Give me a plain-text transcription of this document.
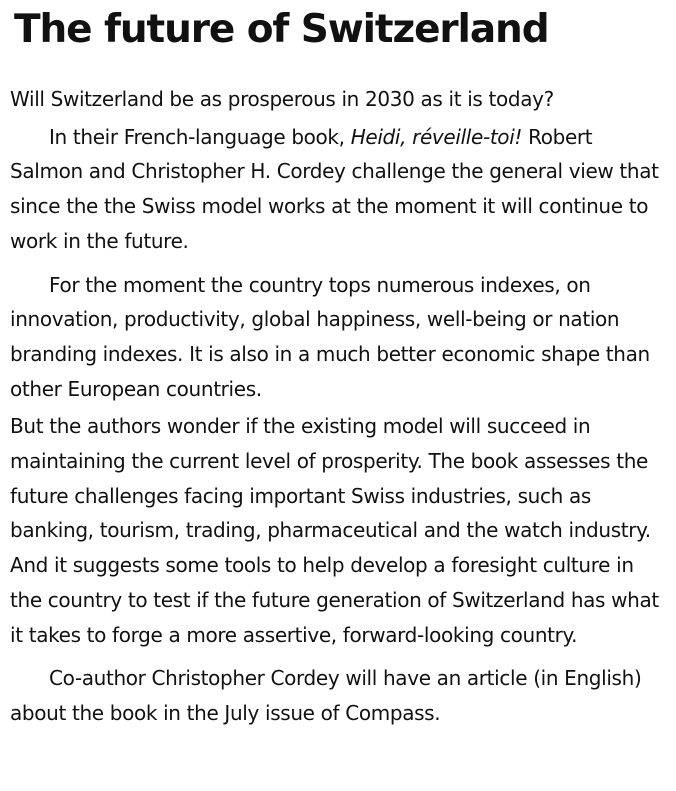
The future of Switzerland

Will Switzerland be as prosperous in 2030 as it is today?

In their French-language book, Heidi, réveille-toi! Robert Salmon and Christopher H. Cordey challenge the general view that since the the Swiss model works at the moment it will continue to work in the future.

For the moment the country tops numerous indexes, on innovation, productivity, global happiness, well-being or nation branding indexes. It is also in a much better economic shape than other European countries.

But the authors wonder if the existing model will succeed in maintaining the current level of prosperity. The book assesses the future challenges facing important Swiss industries, such as banking, tourism, trading, pharmaceutical and the watch industry. And it suggests some tools to help develop a foresight culture in the country to test if the future generation of Switzerland has what it takes to forge a more assertive, forward-looking country.

Co-author Christopher Cordey will have an article (in English) about the book in the July issue of Compass.
